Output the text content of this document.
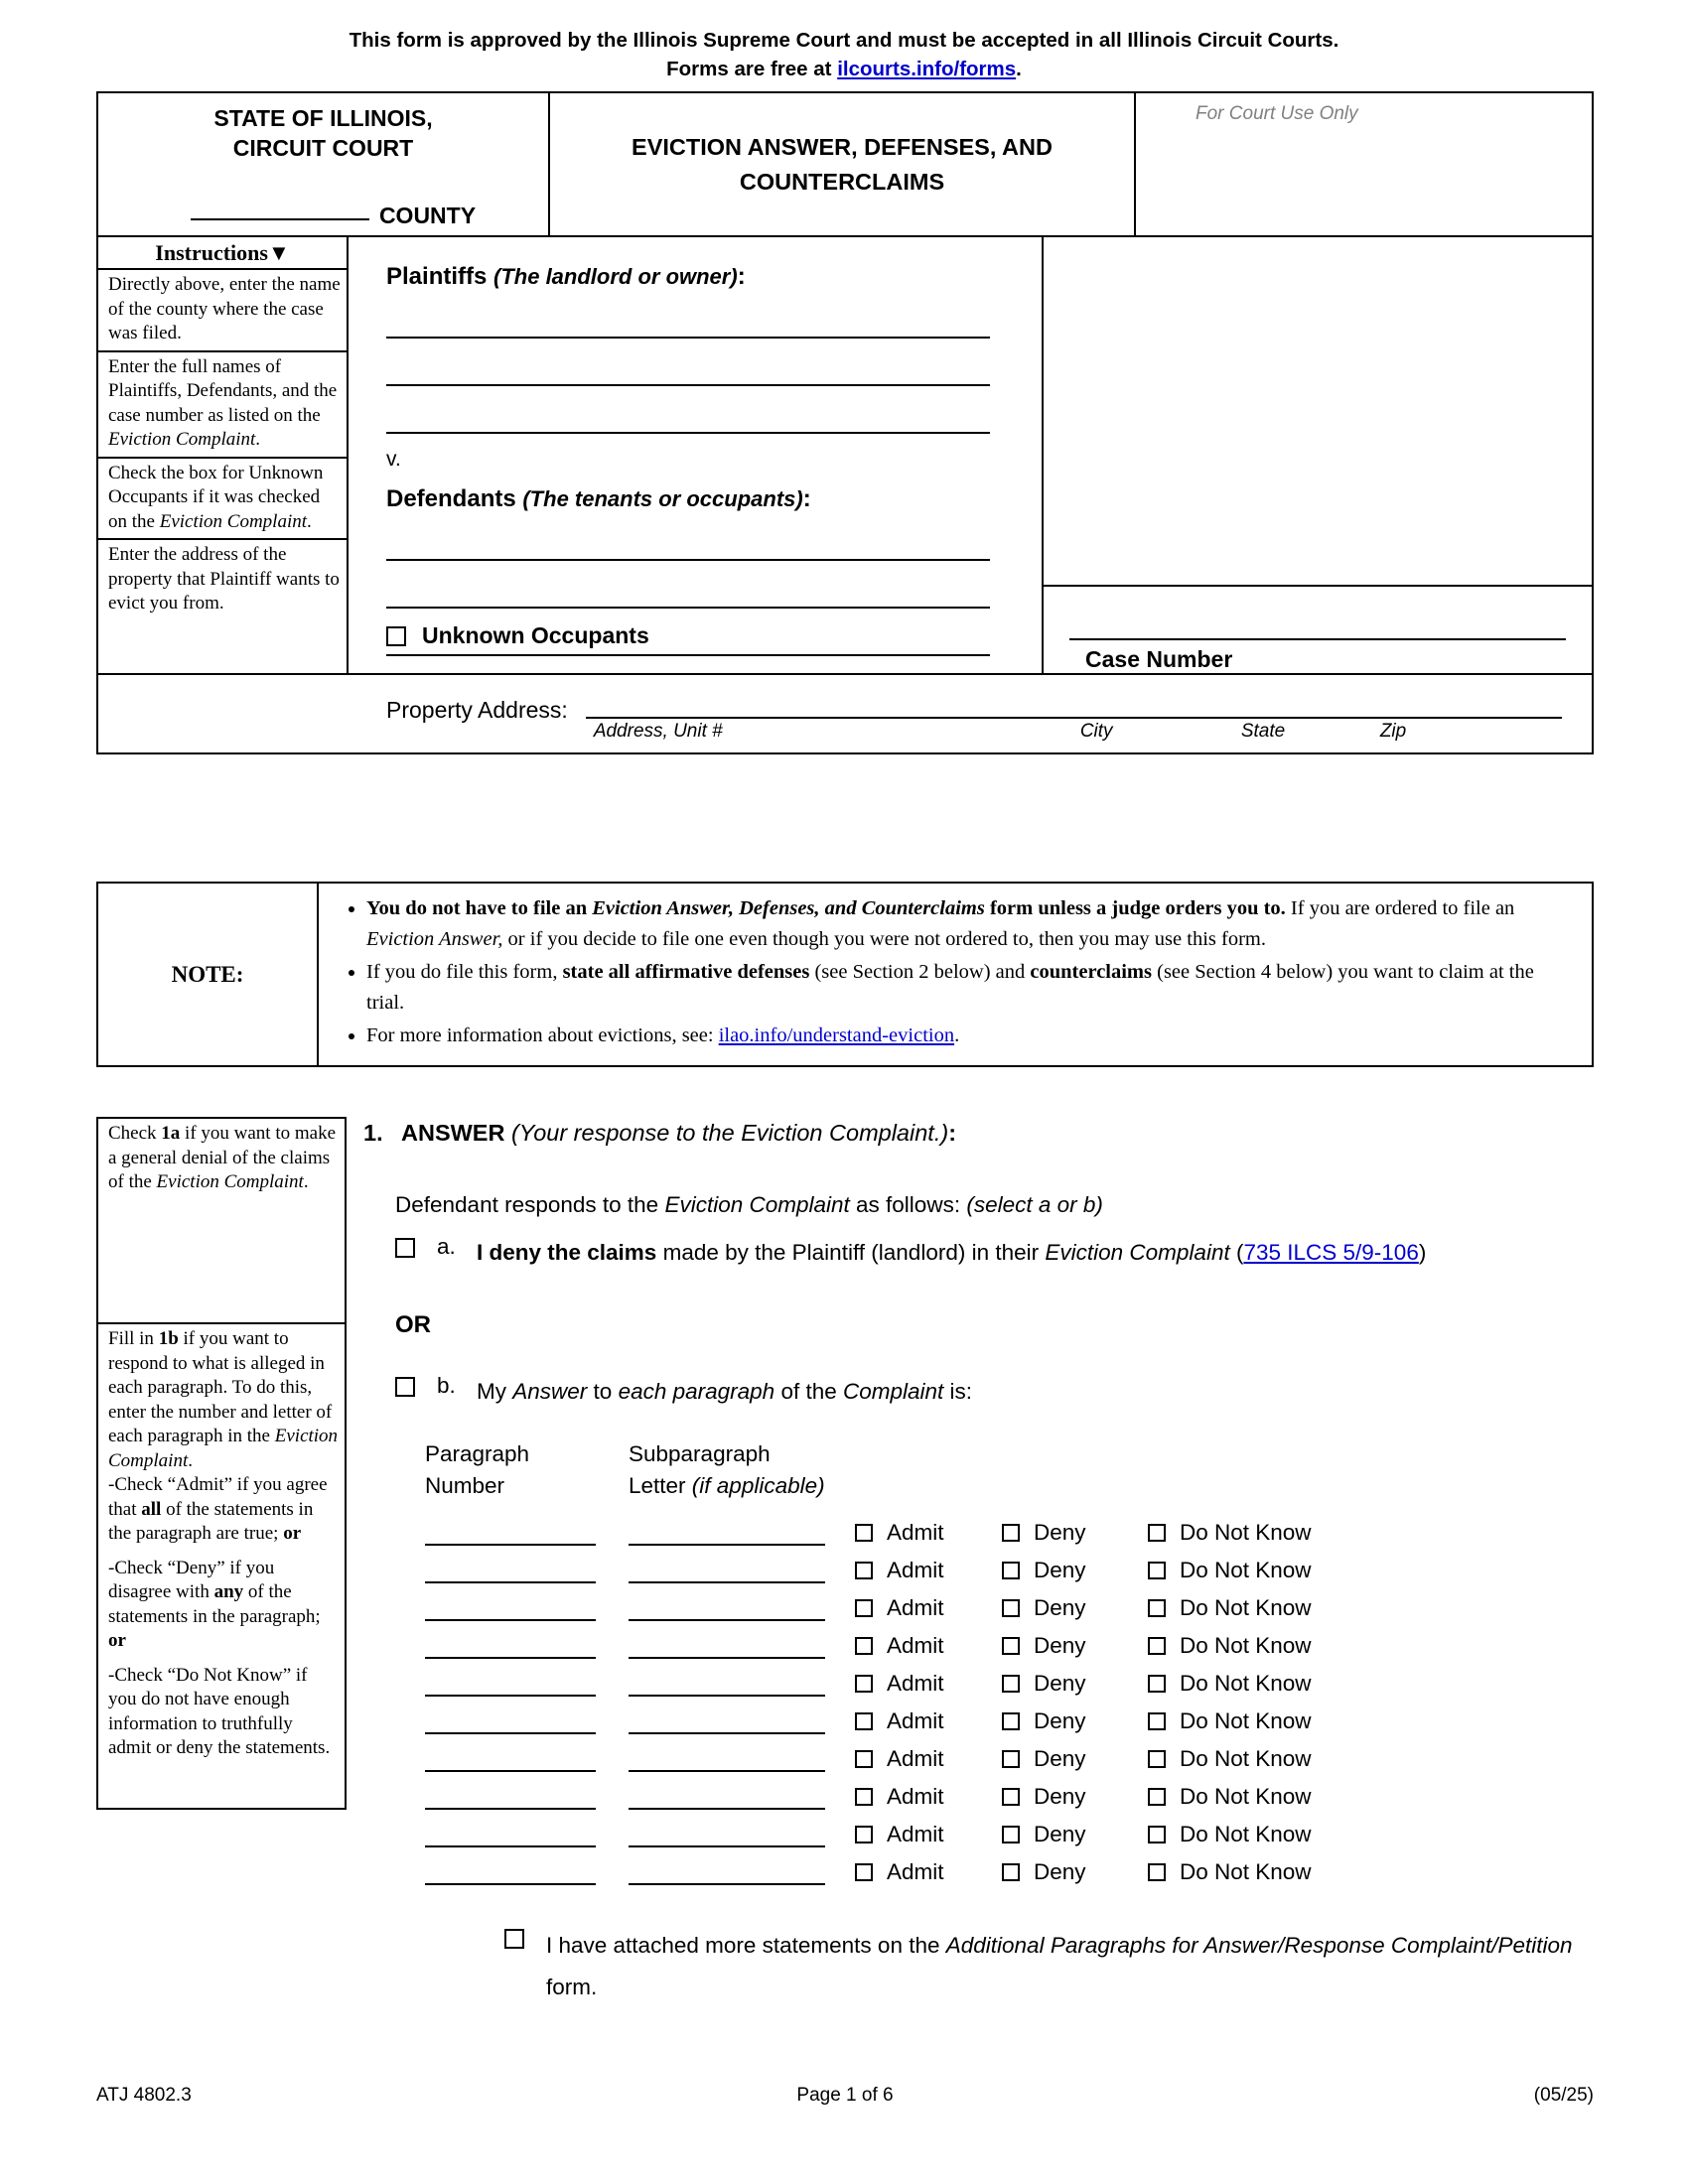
This form is approved by the Illinois Supreme Court and must be accepted in all Illinois Circuit Courts.
Forms are free at ilcourts.info/forms.
STATE OF ILLINOIS,
CIRCUIT COURT
COUNTY
EVICTION ANSWER, DEFENSES, AND COUNTERCLAIMS
For Court Use Only
Instructions▼
Directly above, enter the name of the county where the case was filed.
Enter the full names of Plaintiffs, Defendants, and the case number as listed on the Eviction Complaint.
Check the box for Unknown Occupants if it was checked on the Eviction Complaint.
Enter the address of the property that Plaintiff wants to evict you from.
Plaintiffs (The landlord or owner):
v.
Defendants (The tenants or occupants):
Unknown Occupants
Case Number
Property Address:
Address, Unit #	City	State	Zip
NOTE:
• You do not have to file an Eviction Answer, Defenses, and Counterclaims form unless a judge orders you to. If you are ordered to file an Eviction Answer, or if you decide to file one even though you were not ordered to, then you may use this form.
• If you do file this form, state all affirmative defenses (see Section 2 below) and counterclaims (see Section 4 below) you want to claim at the trial.
• For more information about evictions, see: ilao.info/understand-eviction.
Check 1a if you want to make a general denial of the claims of the Eviction Complaint.
Fill in 1b if you want to respond to what is alleged in each paragraph. To do this, enter the number and letter of each paragraph in the Eviction Complaint.
-Check “Admit” if you agree that all of the statements in the paragraph are true; or
-Check “Deny” if you disagree with any of the statements in the paragraph; or
-Check “Do Not Know” if you do not have enough information to truthfully admit or deny the statements.
1. ANSWER (Your response to the Eviction Complaint.):
Defendant responds to the Eviction Complaint as follows: (select a or b)
a. I deny the claims made by the Plaintiff (landlord) in their Eviction Complaint (735 ILCS 5/9-106)
OR
b. My Answer to each paragraph of the Complaint is:
Paragraph
Number
Subparagraph
Letter (if applicable)
Admit	Deny	Do Not Know
Admit	Deny	Do Not Know
Admit	Deny	Do Not Know
Admit	Deny	Do Not Know
Admit	Deny	Do Not Know
Admit	Deny	Do Not Know
Admit	Deny	Do Not Know
Admit	Deny	Do Not Know
Admit	Deny	Do Not Know
Admit	Deny	Do Not Know
I have attached more statements on the Additional Paragraphs for Answer/Response Complaint/Petition form.
ATJ 4802.3	Page 1 of 6	(05/25)
